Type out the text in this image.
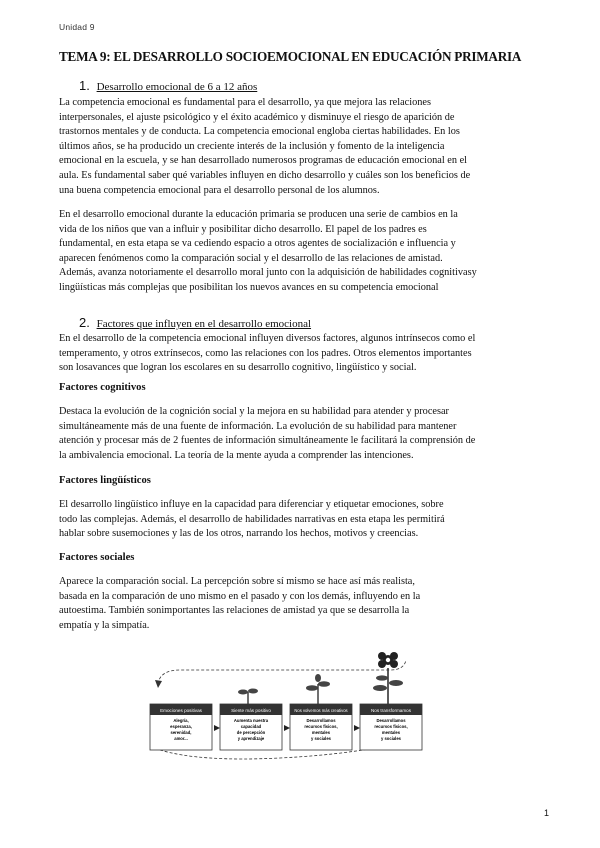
Unidad 9
TEMA 9: EL DESARROLLO SOCIOEMOCIONAL EN EDUCACIÓN PRIMARIA
1. Desarrollo emocional de 6 a 12 años
La competencia emocional es fundamental para el desarrollo, ya que mejora las relaciones
interpersonales, el ajuste psicológico y el éxito académico y disminuye el riesgo de aparición de
trastornos mentales y de conducta. La competencia emocional engloba ciertas habilidades. En los
últimos años, se ha producido un creciente interés de la inclusión y fomento de la inteligencia
emocional en la escuela, y se han desarrollado numerosos programas de educación emocional en el
aula. Es fundamental saber qué variables influyen en dicho desarrollo y cuáles son los beneficios de
una buena competencia emocional para el desarrollo personal de los alumnos.
En el desarrollo emocional durante la educación primaria se producen una serie de cambios en la
vida de los niños que van a influir y posibilitar dicho desarrollo. El papel de los padres es
fundamental, en esta etapa se va cediendo espacio a otros agentes de socialización e influencia y
aparecen fenómenos como la comparación social y el desarrollo de las relaciones de amistad.
Además, avanza notoriamente el desarrollo moral junto con la adquisición de habilidades cognitivasy
lingüísticas más complejas que posibilitan los nuevos avances en su competencia emocional
2. Factores que influyen en el desarrollo emocional
En el desarrollo de la competencia emocional influyen diversos factores, algunos intrínsecos como el
temperamento, y otros extrínsecos, como las relaciones con los padres. Otros elementos importantes
son losavances que logran los escolares en su desarrollo cognitivo, lingüístico y social.
Factores cognitivos
Destaca la evolución de la cognición social y la mejora en su habilidad para atender y procesar
simultáneamente más de una fuente de información. La evolución de su habilidad para mantener
atención y procesar más de 2 fuentes de información simultáneamente le facilitará la comprensión de
la ambivalencia emocional. La teoría de la mente ayuda a comprender las intenciones.
Factores lingüísticos
El desarrollo lingüístico influye en la capacidad para diferenciar y etiquetar emociones, sobre
todo las complejas. Además, el desarrollo de habilidades narrativas en esta etapa les permitirá
hablar sobre susemociones y las de los otros, narrando los hechos, motivos y creencias.
Factores sociales
Aparece la comparación social. La percepción sobre sí mismo se hace así más realista,
basada en la comparación de uno mismo en el pasado y con los demás, influyendo en la
autoestima. También sonimportantes las relaciones de amistad ya que se desarrolla la
empatía y la simpatía.
Emociones positivas
Alegría,
esperanza,
serenidad,
amor...
Siente más positivo
Aumenta nuestra
capacidad
de percepción
y aprendizaje
Nos volvemos más creativos
Desarrollamos
recursos físicos,
mentales
y sociales
Nos transformamos
Desarrollamos
recursos físicos,
mentales
y sociales
1
